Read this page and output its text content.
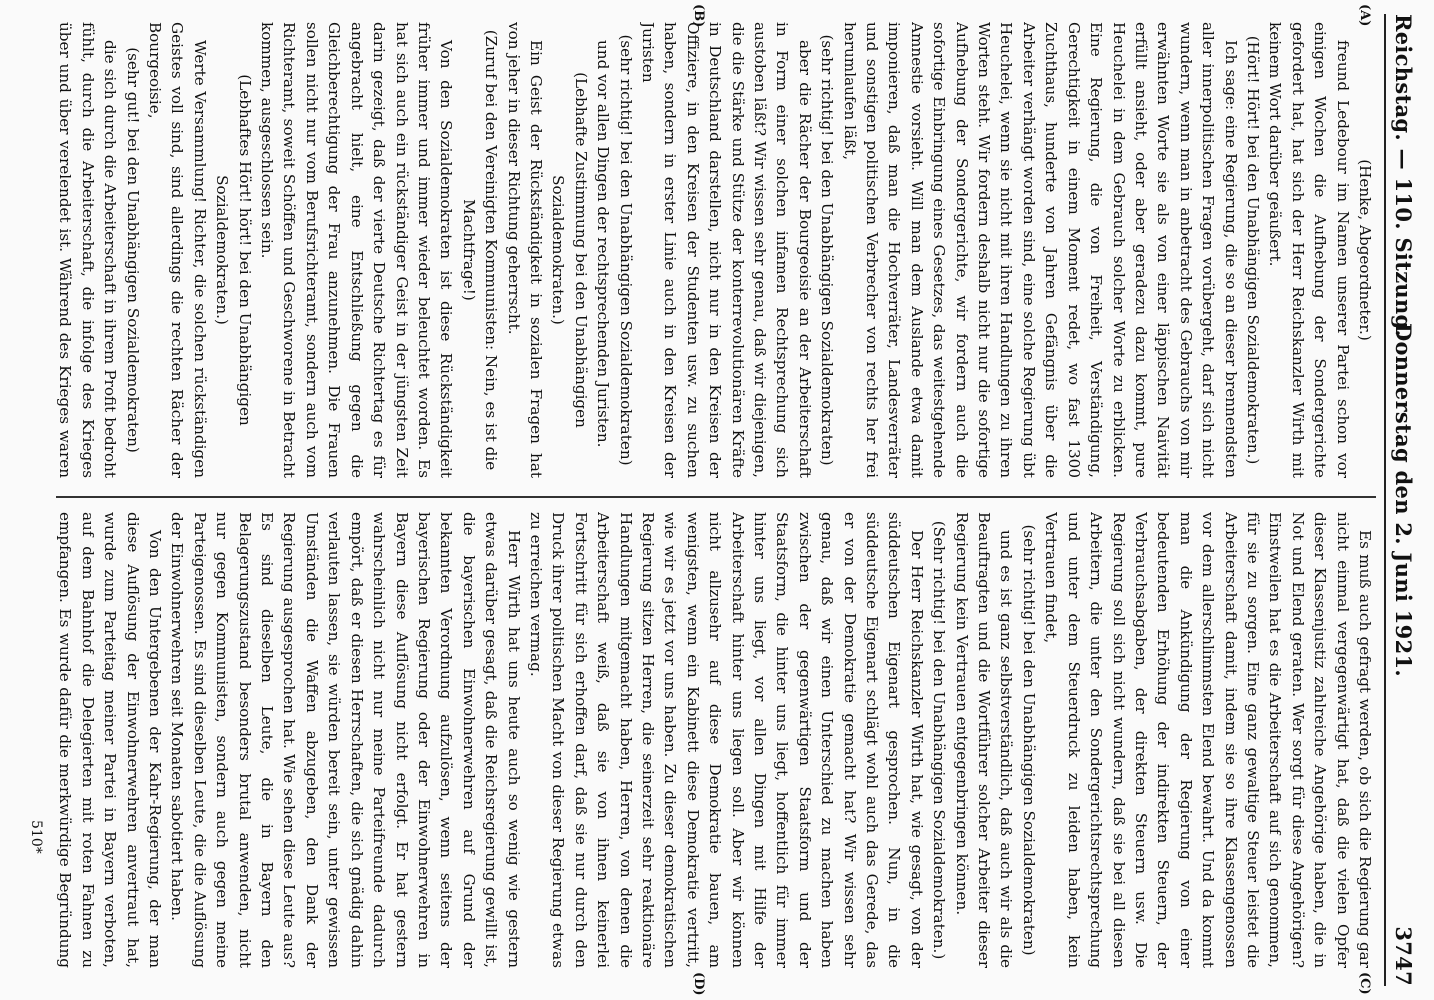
Reichstag. — 110. Sitzung.
Donnerstag den 2. Juni 1921.
3747
(A)
(B)
(C)
(D)

(Henke, Abgeordneter.)

freund Ledebour im Namen unserer Partei schon vor einigen Wochen die Aufhebung der Sondergerichte gefordert hat, hat sich der Herr Reichskanzler Wirth mit keinem Wort darüber geäußert.

(Hört! Hört! bei den Unabhängigen Sozialdemokraten.)

Ich sage: eine Regierung, die so an dieser brennendsten aller innerpolitischen Fragen vorübergeht, darf sich nicht wundern, wenn man in anbetracht des Gebrauchs von mir erwähnten Worte sie als von einer läppischen Naivität erfüllt ansieht, oder aber geradezu dazu kommt, pure Heuchelei in dem Gebrauch solcher Worte zu erblicken. Eine Regierung, die von Freiheit, Verständigung, Gerechtigkeit in einem Moment redet, wo fast 1300 Zuchthaus, hunderte von Jahren Gefängnis über die Arbeiter verhängt worden sind, eine solche Regierung übt Heuchelei, wenn sie nicht mit ihren Handlungen zu ihren Worten steht. Wir fordern deshalb nicht nur die sofortige Aufhebung der Sondergerichte, wir fordern auch die sofortige Einbringung eines Gesetzes, das weitestgehende Amnestie vorsieht. Will man dem Auslande etwa damit imponieren, daß man die Hochverräter, Landesverräter und sonstigen politischen Verbrecher von rechts her frei herumlaufen läßt,

(sehr richtig! bei den Unabhängigen Sozialdemokraten)

aber die Rächer der Bourgeoisie an der Arbeiterschaft in Form einer solchen infamen Rechtsprechung sich austoben läßt? Wir wissen sehr genau, daß wir diejenigen, die die Stärke und Stütze der konterrevolutionären Kräfte in Deutschland darstellen, nicht nur in den Kreisen der Offiziere, in den Kreisen der Studenten usw. zu suchen haben, sondern in erster Linie auch in den Kreisen der Juristen

(sehr richtig! bei den Unabhängigen Sozialdemokraten)

und vor allen Dingen der rechtsprechenden Juristen.

(Lebhafte Zustimmung bei den Unabhängigen Sozialdemokraten.)

Ein Geist der Rückständigkeit in sozialen Fragen hat von jeher in dieser Richtung geherrscht.

(Zuruf bei den Vereinigten Kommunisten: Nein, es ist die Machtfrage!)

Von den Sozialdemokraten ist diese Rückständigkeit früher immer und immer wieder beleuchtet worden. Es hat sich auch ein rückständiger Geist in der jüngsten Zeit darin gezeigt, daß der vierte Deutsche Richtertag es für angebracht hielt, eine Entschließung gegen die Gleichberechtigung der Frau anzunehmen. Die Frauen sollen nicht nur vom Berufsrichteramt, sondern auch vom Richteramt, soweit Schöffen und Geschworene in Betracht kommen, ausgeschlossen sein.

(Lebhaftes Hört! hört! bei den Unabhängigen Sozialdemokraten.)

Werte Versammlung! Richter, die solchen rückständigen Geistes voll sind, sind allerdings die rechten Rächer der Bourgeoisie,

(sehr gut! bei den Unabhängigen Sozialdemokraten)

die sich durch die Arbeiterschaft in ihrem Profit bedroht fühlt, durch die Arbeiterschaft, die infolge des Krieges über und über verelendet ist. Während des Krieges waren

Es muß auch gefragt werden, ob sich die Regierung gar nicht einmal vergegenwärtigt hat, daß die vielen Opfer dieser Klassenjustiz zahlreiche Angehörige haben, die in Not und Elend geraten. Wer sorgt für diese Angehörigen? Einstweilen hat es die Arbeiterschaft auf sich genommen, für sie zu sorgen. Eine ganz gewaltige Steuer leistet die Arbeiterschaft damit, indem sie so ihre Klassengenossen vor dem allerschlimmsten Elend bewahrt. Und da kommt man die Ankündigung der Regierung von einer bedeutenden Erhöhung der indirekten Steuern, der Verbrauchsabgaben, der direkten Steuern usw. Die Regierung soll sich nicht wundern, daß sie bei all diesen Arbeitern, die unter den Sondergerichtsrechtsprechung und unter dem Steuerdruck zu leiden haben, kein Vertrauen findet,

(sehr richtig! bei den Unabhängigen Sozialdemokraten)

und es ist ganz selbstverständlich, daß auch wir als die Beauftragten und die Wortführer solcher Arbeiter dieser Regierung kein Vertrauen entgegenbringen können.

(Sehr richtig! bei den Unabhängigen Sozialdemokraten.)

Der Herr Reichskanzler Wirth hat, wie gesagt, von der süddeutschen Eigenart gesprochen. Nun, in die süddeutsche Eigenart schlägt wohl auch das Gerede, das er von der Demokratie gemacht hat? Wir wissen sehr genau, daß wir einen Unterschied zu machen haben zwischen der gegenwärtigen Staatsform und der Staatsform, die hinter uns liegt, hoffentlich für immer hinter uns liegt, vor allen Dingen mit Hilfe der Arbeiterschaft hinter uns liegen soll. Aber wir können nicht allzusehr auf diese Demokratie bauen, am wenigsten, wenn ein Kabinett diese Demokratie vertritt, wie wir es jetzt vor uns haben. Zu dieser demokratischen Regierung sitzen Herren, die seinerzeit sehr reaktionäre Handlungen mitgemacht haben, Herren, von denen die Arbeiterschaft weiß, daß sie von ihnen keinerlei Fortschritt für sich erhoffen darf, daß sie nur durch den Druck ihrer politischen Macht von dieser Regierung etwas zu erreichen vermag.

Herr Wirth hat uns heute auch so wenig wie gestern etwas darüber gesagt, daß die Reichsregierung gewillt ist, die bayerischen Einwohnerwehren auf Grund der bekannten Verordnung aufzulösen, wenn seitens der bayerischen Regierung oder der Einwohnerwehren in Bayern diese Auflösung nicht erfolgt. Er hat gestern wahrscheinlich nicht nur meine Parteifreunde dadurch empört, daß er diesen Herrschaften, die sich gnädig dahin verlauten lassen, sie würden bereit sein, unter gewissen Umständen die Waffen abzugeben, den Dank der Regierung ausgesprochen hat. Wie sehen diese Leute aus? Es sind dieselben Leute, die in Bayern den Belagerungszustand besonders brutal anwenden, nicht nur gegen Kommunisten, sondern auch gegen meine Parteigenossen. Es sind dieselben Leute, die die Auflösung der Einwohnerwehren seit Monaten sabotiert haben.

Von den Untergebenen der Kahr-Regierung, der man diese Auflösung der Einwohnerwehren anvertraut hat, wurde zum Parteitag meiner Partei in Bayern verboten, auf dem Bahnhof die Delegierten mit roten Fahnen zu empfangen. Es wurde dafür die merkwürdige Begründung

510*
